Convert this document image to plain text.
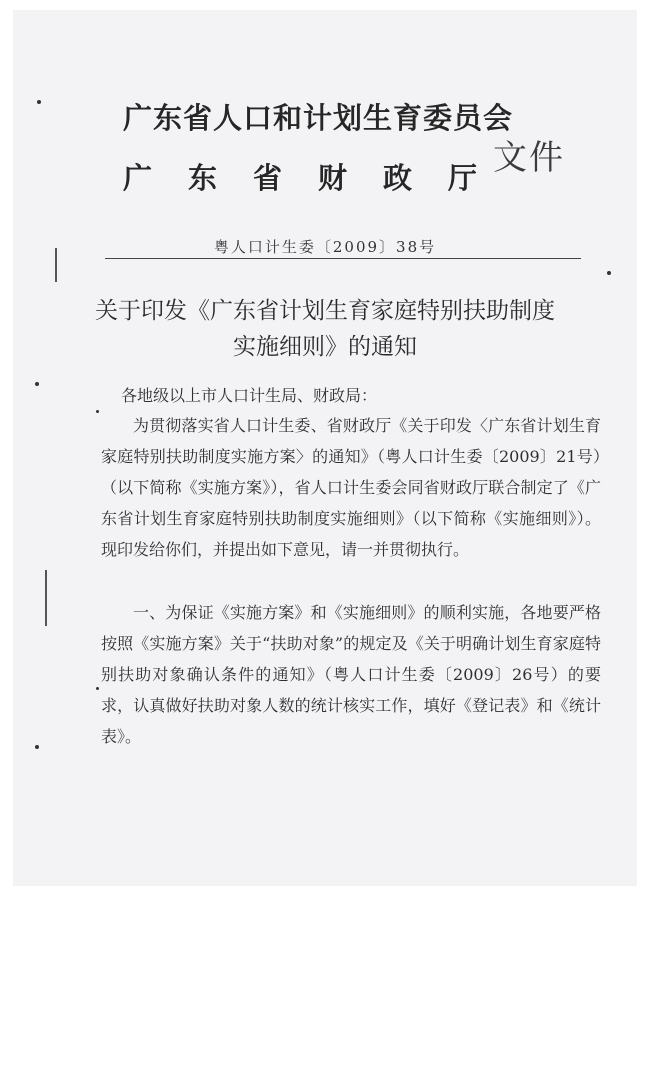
广东省人口和计划生育委员会
广东省财政厅
文件
粤人口计生委〔2009〕38号
关于印发《广东省计划生育家庭特别扶助制度
实施细则》的通知
各地级以上市人口计生局、财政局：
为贯彻落实省人口计生委、省财政厅《关于印发〈广东省计划生育家庭特别扶助制度实施方案〉的通知》（粤人口计生委〔2009〕21号）（以下简称《实施方案》），省人口计生委会同省财政厅联合制定了《广东省计划生育家庭特别扶助制度实施细则》（以下简称《实施细则》）。现印发给你们，并提出如下意见，请一并贯彻执行。
一、为保证《实施方案》和《实施细则》的顺利实施，各地要严格按照《实施方案》关于“扶助对象”的规定及《关于明确计划生育家庭特别扶助对象确认条件的通知》（粤人口计生委〔2009〕26号）的要求，认真做好扶助对象人数的统计核实工作，填好《登记表》和《统计表》。
